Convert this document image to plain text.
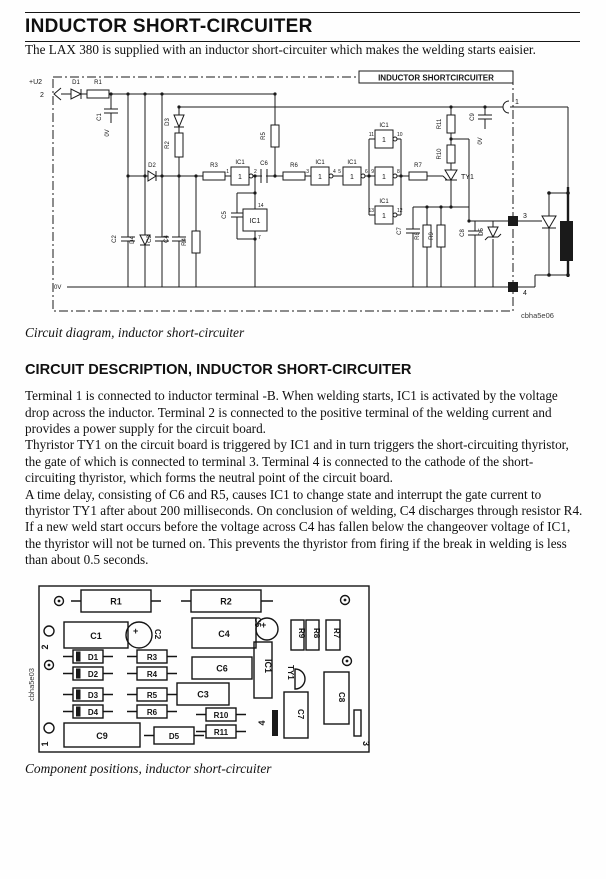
INDUCTOR SHORT-CIRCUITER

The LAX 380 is supplied with an inductor short-circuiter which makes the welding starts eaisier.

INDUCTOR SHORTCIRCUITER
+U2
2
D1 R1
C1
0V
D3
R2
D2	R3	IC1
1
1	2
C6
R5
R6	IC1
1
3	4
IC1
1
5	6
IC1
1
11	10
1
9	8
IC1
1
13	12
R7
R11
R10
TY1
C9
0V
C2 D4 C3 C4 R4
IC1
14
7
C5
C7
R8 R9	C8 D5
0V
1
3
4
cbha5e06

Circuit diagram, inductor short-circuiter

CIRCUIT DESCRIPTION, INDUCTOR SHORT-CIRCUITER

Terminal 1 is connected to inductor terminal -B. When welding starts, IC1 is activated by the voltage drop across the inductor. Terminal 2 is connected to the positive terminal of the welding current and provides a power supply for the circuit board.

Thyristor TY1 on the circuit board is triggered by IC1 and in turn triggers the short-circuiting thyristor, the gate of which is connected to terminal 3. Terminal 4 is connected to the cathode of the short-circuiting thyristor, which forms the neutral point of the circuit board.

A time delay, consisting of C6 and R5, causes IC1 to change state and interrupt the gate current to thyristor TY1 after about 200 milliseconds. On conclusion of welding, C4 discharges through resistor R4. If a new weld start occurs before the voltage across C4 has fallen below the changeover voltage of IC1, the thyristor will not be turned on. This prevents the thyristor from firing if the break in welding is less than about 0.5 seconds.

cbha5e03
2
1
R1	R2
C1	+ C2	C4
+
C5
R9 R8 R7
IC1 TY1
D1	R3
D2	R4
D3	R5
D4	R6
C6
C3
R10
R11
C9	D5
4
C7
C8
3

Component positions, inductor short-circuiter
